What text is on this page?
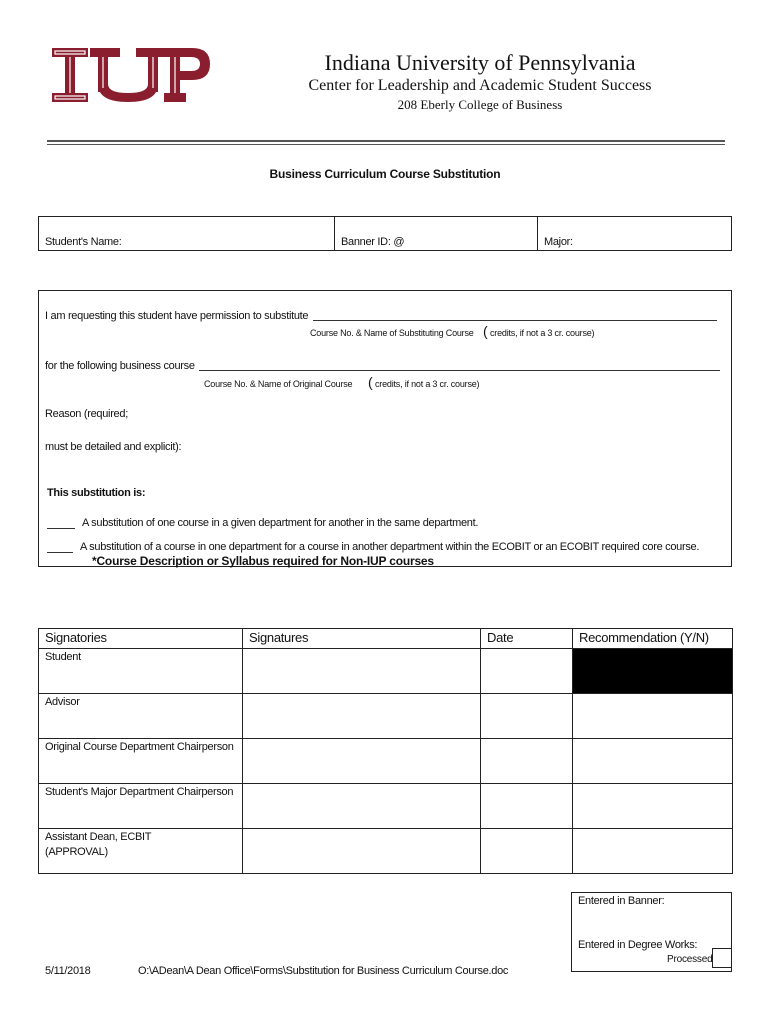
Indiana University of Pennsylvania
Center for Leadership and Academic Student Success
208 Eberly College of Business
Business Curriculum Course Substitution
Student's Name:	Banner ID: @	Major:
I am requesting this student have permission to substitute
Course No. & Name of Substituting Course ( credits, if not a 3 cr. course)
for the following business course
Course No. & Name of Original Course ( credits, if not a 3 cr. course)
Reason (required;
must be detailed and explicit):
This substitution is:
A substitution of one course in a given department for another in the same department.
A substitution of a course in one department for a course in another department within the ECOBIT or an ECOBIT required core course.
*Course Description or Syllabus required for Non-IUP courses
Signatories	Signatures	Date	Recommendation (Y/N)
Student			
Advisor			
Original Course Department Chairperson			
Student's Major Department Chairperson			

Assistant Dean, ECBIT
(APPROVAL)			

Entered in Banner:
Entered in Degree Works:
Processed
5/11/2018	O:\ADean\A Dean Office\Forms\Substitution for Business Curriculum Course.doc
